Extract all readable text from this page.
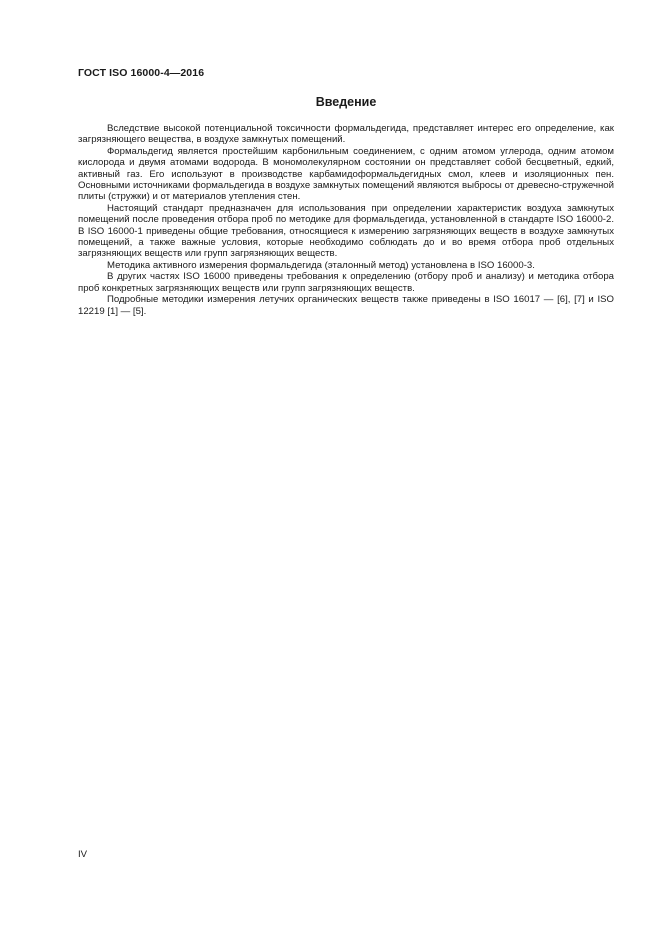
ГОСТ ISO 16000-4—2016
Введение

Вследствие высокой потенциальной токсичности формальдегида, представляет интерес его определение, как загрязняющего вещества, в воздухе замкнутых помещений.

Формальдегид является простейшим карбонильным соединением, с одним атомом углерода, одним атомом кислорода и двумя атомами водорода. В мономолекулярном состоянии он представляет собой бесцветный, едкий, активный газ. Его используют в производстве карбамидоформальдегидных смол, клеев и изоляционных пен. Основными источниками формальдегида в воздухе замкнутых помещений являются выбросы от древесно-стружечной плиты (стружки) и от материалов утепления стен.

Настоящий стандарт предназначен для использования при определении характеристик воздуха замкнутых помещений после проведения отбора проб по методике для формальдегида, установленной в стандарте ISO 16000-2. В ISO 16000-1 приведены общие требования, относящиеся к измерению загрязняющих веществ в воздухе замкнутых помещений, а также важные условия, которые необходимо соблюдать до и во время отбора проб отдельных загрязняющих веществ или групп загрязняющих веществ.

Методика активного измерения формальдегида (эталонный метод) установлена в ISO 16000-3.

В других частях ISO 16000 приведены требования к определению (отбору проб и анализу) и методика отбора проб конкретных загрязняющих веществ или групп загрязняющих веществ.

Подробные методики измерения летучих органических веществ также приведены в ISO 16017 — [6], [7] и ISO 12219 [1] — [5].

IV
